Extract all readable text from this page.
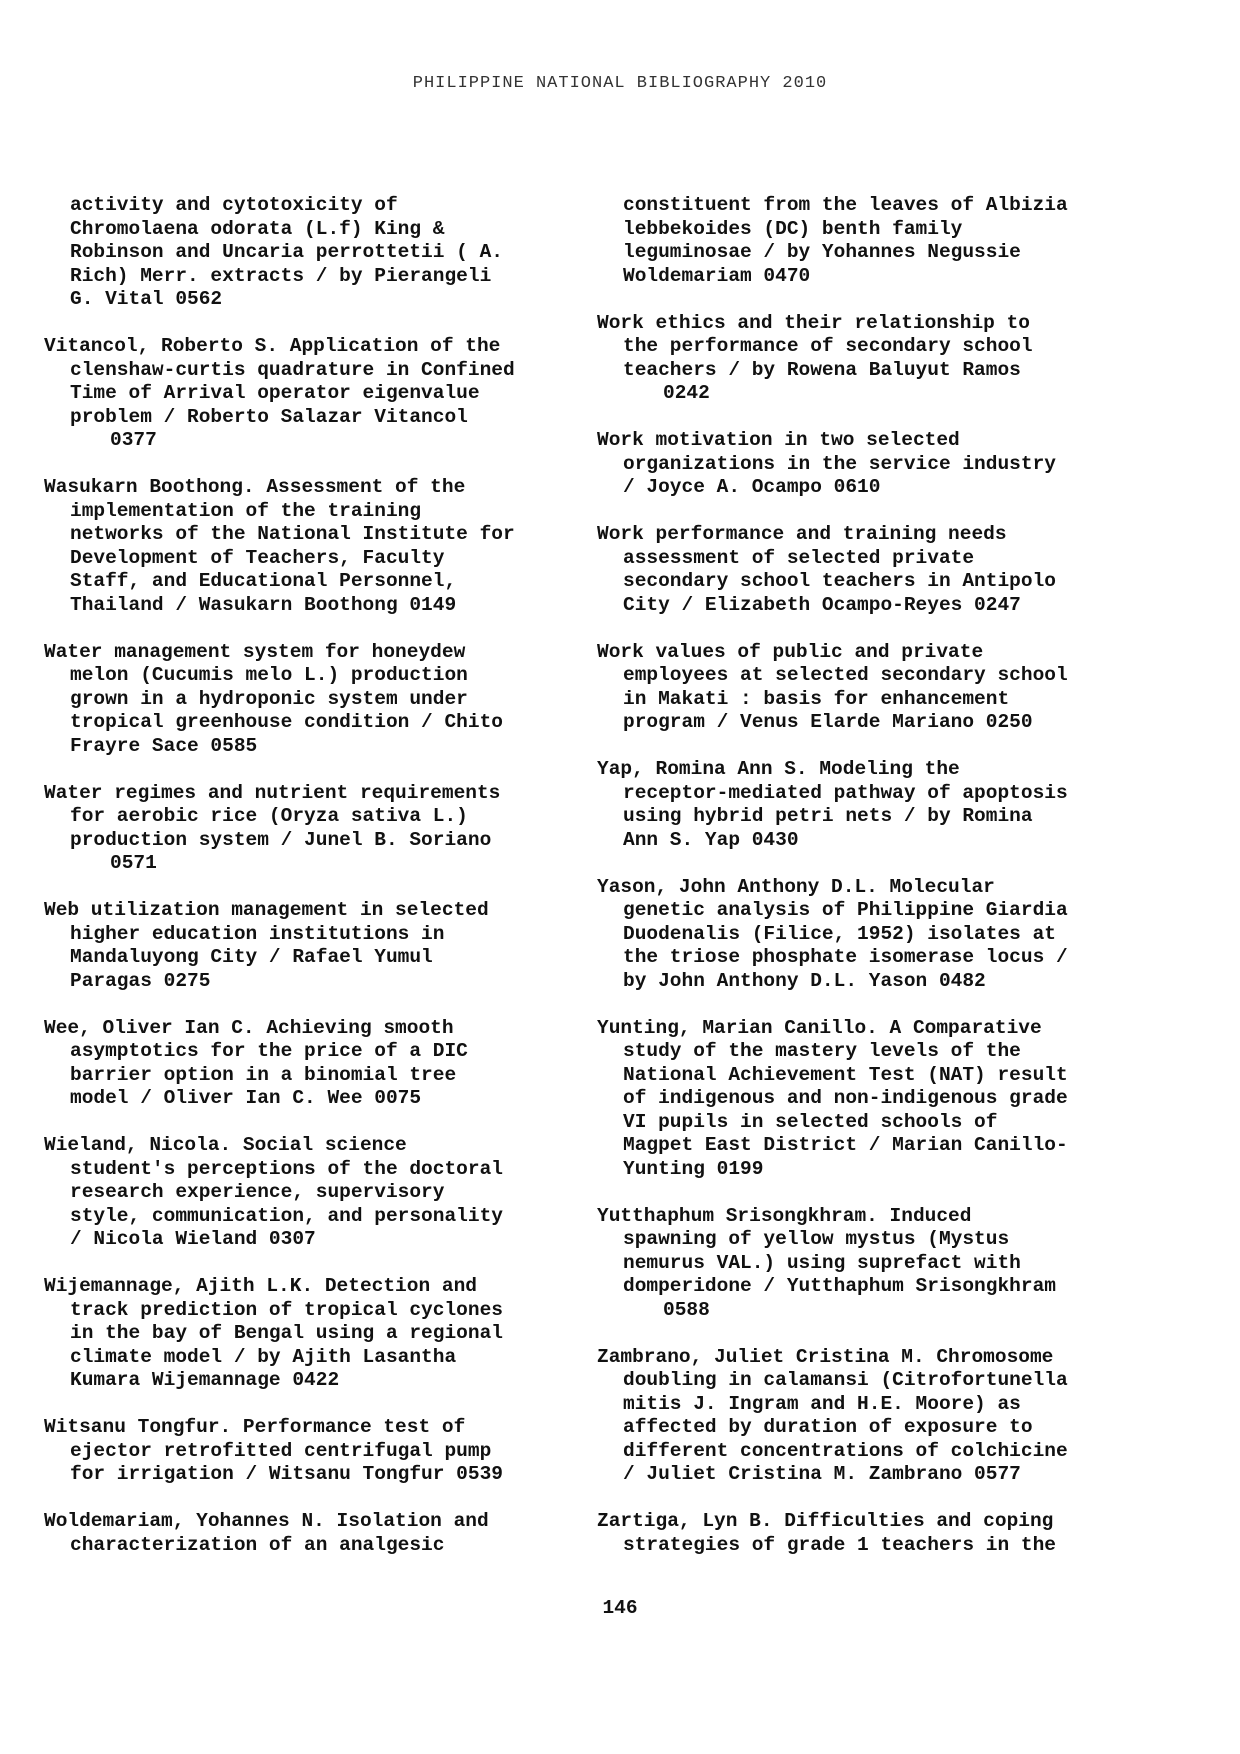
PHILIPPINE NATIONAL BIBLIOGRAPHY 2010
activity and cytotoxicity of
Chromolaena odorata (L.f) King &
Robinson and Uncaria perrottetii ( A.
Rich) Merr. extracts / by Pierangeli
G. Vital 0562
Vitancol, Roberto S. Application of the
clenshaw-curtis quadrature in Confined
Time of Arrival operator eigenvalue
problem / Roberto Salazar Vitancol
0377
Wasukarn Boothong. Assessment of the
implementation of the training
networks of the National Institute for
Development of Teachers, Faculty
Staff, and Educational Personnel,
Thailand / Wasukarn Boothong 0149
Water management system for honeydew
melon (Cucumis melo L.) production
grown in a hydroponic system under
tropical greenhouse condition / Chito
Frayre Sace 0585
Water regimes and nutrient requirements
for aerobic rice (Oryza sativa L.)
production system / Junel B. Soriano
0571
Web utilization management in selected
higher education institutions in
Mandaluyong City / Rafael Yumul
Paragas 0275
Wee, Oliver Ian C. Achieving smooth
asymptotics for the price of a DIC
barrier option in a binomial tree
model / Oliver Ian C. Wee 0075
Wieland, Nicola. Social science
student's perceptions of the doctoral
research experience, supervisory
style, communication, and personality
/ Nicola Wieland 0307
Wijemannage, Ajith L.K. Detection and
track prediction of tropical cyclones
in the bay of Bengal using a regional
climate model / by Ajith Lasantha
Kumara Wijemannage 0422
Witsanu Tongfur. Performance test of
ejector retrofitted centrifugal pump
for irrigation / Witsanu Tongfur 0539
Woldemariam, Yohannes N. Isolation and
characterization of an analgesic
constituent from the leaves of Albizia
lebbekoides (DC) benth family
leguminosae / by Yohannes Negussie
Woldemariam 0470
Work ethics and their relationship to
the performance of secondary school
teachers / by Rowena Baluyut Ramos
0242
Work motivation in two selected
organizations in the service industry
/ Joyce A. Ocampo 0610
Work performance and training needs
assessment of selected private
secondary school teachers in Antipolo
City / Elizabeth Ocampo-Reyes 0247
Work values of public and private
employees at selected secondary school
in Makati : basis for enhancement
program / Venus Elarde Mariano 0250
Yap, Romina Ann S. Modeling the
receptor-mediated pathway of apoptosis
using hybrid petri nets / by Romina
Ann S. Yap 0430
Yason, John Anthony D.L. Molecular
genetic analysis of Philippine Giardia
Duodenalis (Filice, 1952) isolates at
the triose phosphate isomerase locus /
by John Anthony D.L. Yason 0482
Yunting, Marian Canillo. A Comparative
study of the mastery levels of the
National Achievement Test (NAT) result
of indigenous and non-indigenous grade
VI pupils in selected schools of
Magpet East District / Marian Canillo-
Yunting 0199
Yutthaphum Srisongkhram. Induced
spawning of yellow mystus (Mystus
nemurus VAL.) using suprefact with
domperidone / Yutthaphum Srisongkhram
0588
Zambrano, Juliet Cristina M. Chromosome
doubling in calamansi (Citrofortunella
mitis J. Ingram and H.E. Moore) as
affected by duration of exposure to
different concentrations of colchicine
/ Juliet Cristina M. Zambrano 0577
Zartiga, Lyn B. Difficulties and coping
strategies of grade 1 teachers in the
146
